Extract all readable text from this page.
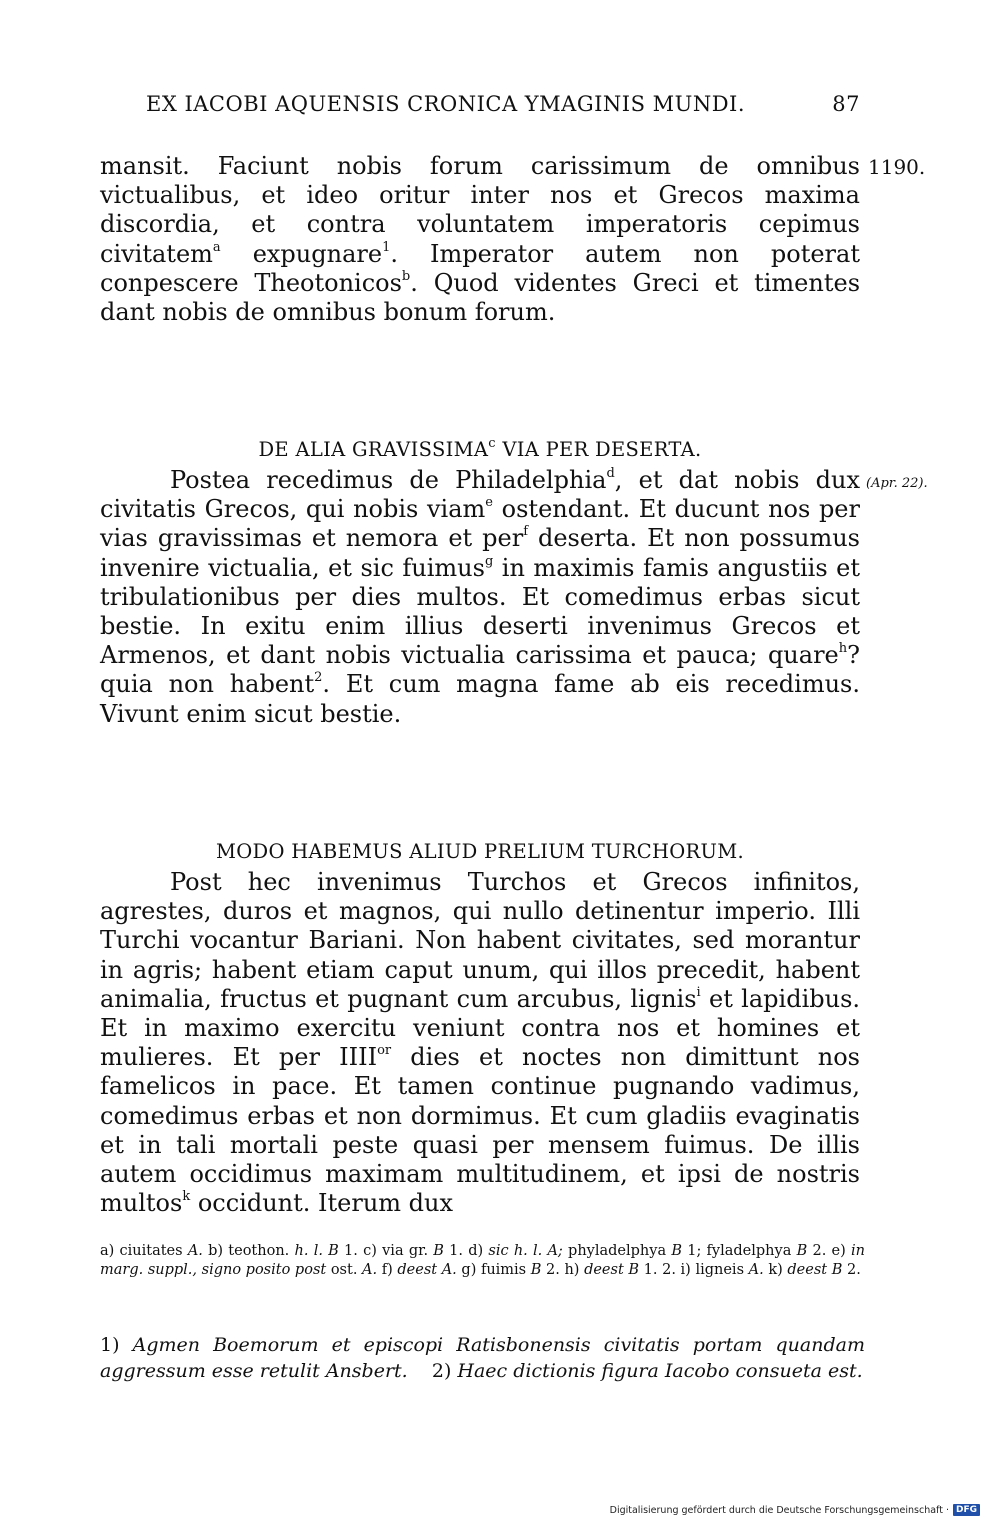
EX IACOBI AQUENSIS CRONICA YMAGINIS MUNDI.	87

mansit. Faciunt nobis forum carissimum de omnibus victualibus, et ideo oritur inter nos et Grecos maxima discordia, et contra voluntatem imperatoris cepimus civitatem$^a$ expugnare$^1$. Imperator autem non poterat conpescere Theotonicos$^b$. Quod videntes Greci et timentes dant nobis de omnibus bonum forum.

1190.
DE ALIA GRAVISSIMA$^c$ VIA PER DESERTA.

Postea recedimus de Philadelphia$^d$, et dat nobis dux civitatis Grecos, qui nobis viam$^e$ ostendant. Et ducunt nos per vias gravissimas et nemora et per$^f$ deserta. Et non possumus invenire victualia, et sic fuimus$^g$ in maximis famis angustiis et tribulationibus per dies multos. Et comedimus erbas sicut bestie. In exitu enim illius deserti invenimus Grecos et Armenos, et dant nobis victualia carissima et pauca; quare$^h$? quia non habent$^2$. Et cum magna fame ab eis recedimus. Vivunt enim sicut bestie.

(Apr. 22).
MODO HABEMUS ALIUD PRELIUM TURCHORUM.

Post hec invenimus Turchos et Grecos infinitos, agrestes, duros et magnos, qui nullo detinentur imperio. Illi Turchi vocantur Bariani. Non habent civitates, sed morantur in agris; habent etiam caput unum, qui illos precedit, habent animalia, fructus et pugnant cum arcubus, lignis$^i$ et lapidibus. Et in maximo exercitu veniunt contra nos et homines et mulieres. Et per $IIII^{or}$ dies et noctes non dimittunt nos famelicos in pace. Et tamen continue pugnando vadimus, comedimus erbas et non dormimus. Et cum gladiis evaginatis et in tali mortali peste quasi per mensem fuimus. De illis autem occidimus maximam multitudinem, et ipsi de nostris multos$^k$ occidunt. Iterum dux

a) ciuitates A. b) teothon. h. l. B 1. c) via gr. B 1. d) sic h. l. A; phyladelphya B 1; fyladelphya B 2. e) in marg. suppl., signo posito post ost. A. f) deest A. g) fuimis B 2. h) deest B 1. 2. i) ligneis A. k) deest B 2.

1) Agmen Boemorum et episcopi Ratisbonensis civitatis portam quandam aggressum esse retulit Ansbert.    2) Haec dictionis figura Iacobo consueta est.

Digitalisierung gefördert durch die Deutsche Forschungsgemeinschaft · DFG
